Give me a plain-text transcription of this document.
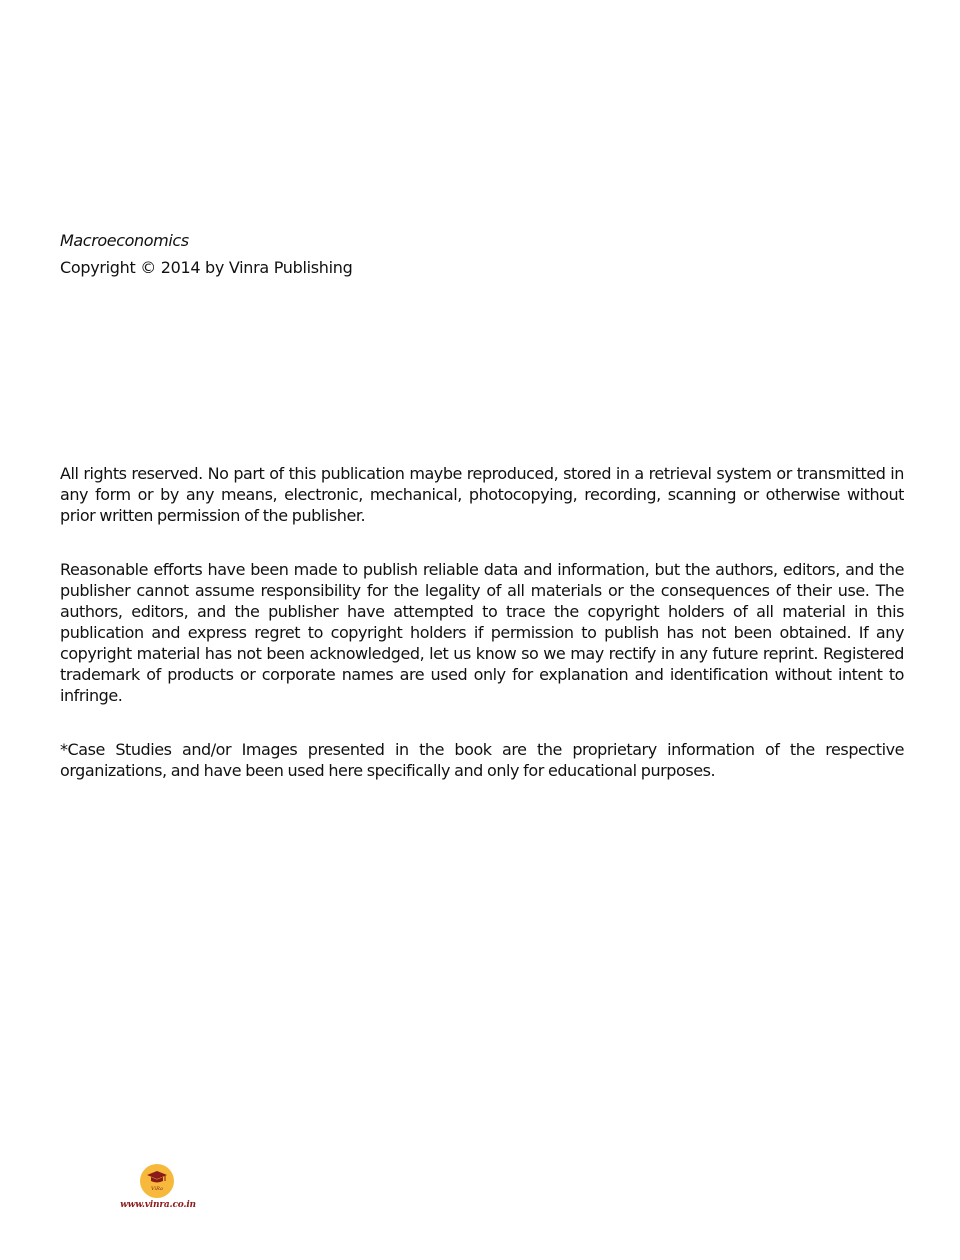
Macroeconomics
Copyright © 2014 by Vinra Publishing

All rights reserved. No part of this publication maybe reproduced, stored in a retrieval system or transmitted in any form or by any means, electronic, mechanical, photocopying, recording, scanning or otherwise without prior written permission of the publisher.

Reasonable efforts have been made to publish reliable data and information, but the authors, editors, and the publisher cannot assume responsibility for the legality of all materials or the consequences of their use. The authors, editors, and the publisher have attempted to trace the copyright holders of all material in this publication and express regret to copyright holders if permission to publish has not been obtained. If any copyright material has not been acknowledged, let us know so we may rectify in any future reprint. Registered trademark of products or corporate names are used only for explanation and identification without intent to infringe.

*Case Studies and/or Images presented in the book are the proprietary information of the respective organizations, and have been used here specifically and only for educational purposes.

ViRa
www.vinra.co.in
